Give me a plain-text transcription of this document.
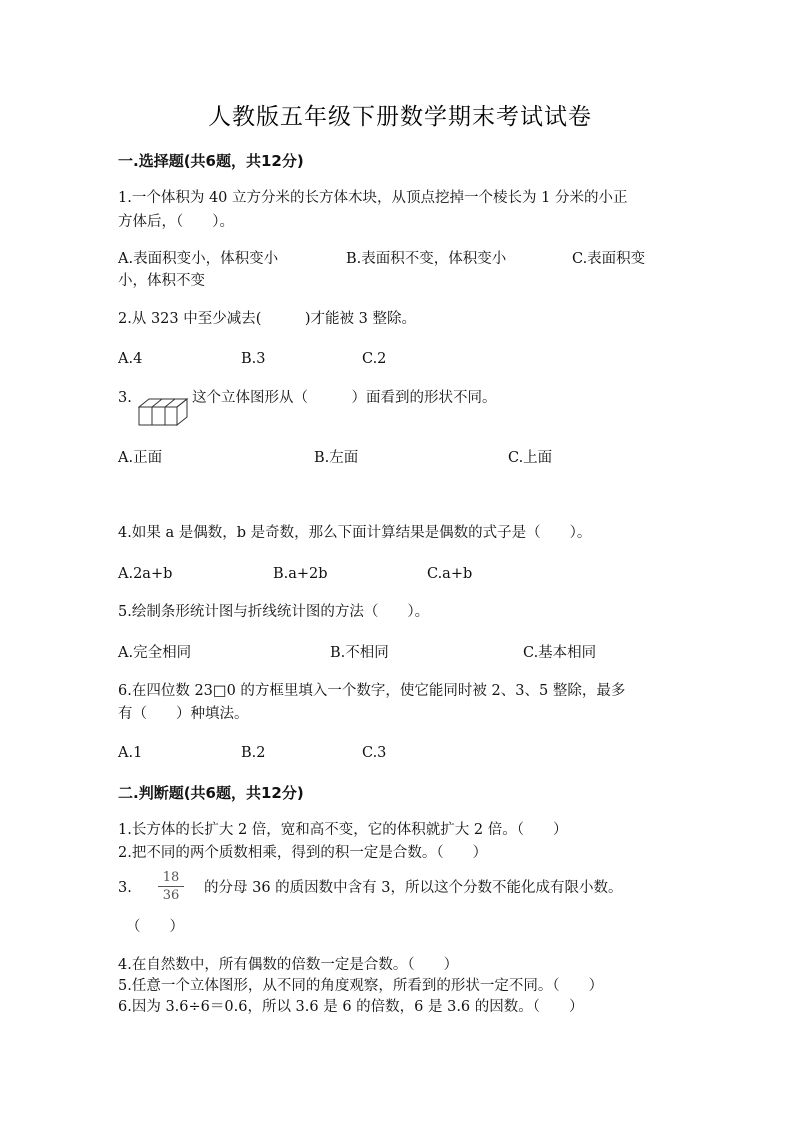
人教版五年级下册数学期末考试试卷
一.选择题(共6题，共12分)
1.一个体积为 40 立方分米的长方体木块，从顶点挖掉一个棱长为 1 分米的小正
方体后，（　　）。
A.表面积变小，体积变小	B.表面积不变，体积变小	C.表面积变
小，体积不变
2.从 323 中至少减去(　　　)才能被 3 整除。
A.4	B.3	C.2
3.	这个立体图形从（　　　）面看到的形状不同。
A.正面	B.左面	C.上面
4.如果 a 是偶数，b 是奇数，那么下面计算结果是偶数的式子是（　　）。
A.2a+b	B.a+2b	C.a+b
5.绘制条形统计图与折线统计图的方法（　　）。
A.完全相同	B.不相同	C.基本相同
6.在四位数 23□0 的方框里填入一个数字，使它能同时被 2、3、5 整除，最多
有（　　）种填法。
A.1	B.2	C.3
二.判断题(共6题，共12分)
1.长方体的长扩大 2 倍，宽和高不变，它的体积就扩大 2 倍。（　　）
2.把不同的两个质数相乘，得到的积一定是合数。（　　）
3.
18
36	的分母 36 的质因数中含有 3，所以这个分数不能化成有限小数。
（　　）
4.在自然数中，所有偶数的倍数一定是合数。（　　）
5.任意一个立体图形，从不同的角度观察，所看到的形状一定不同。（　　）
6.因为 3.6÷6＝0.6，所以 3.6 是 6 的倍数，6 是 3.6 的因数。（　　）
